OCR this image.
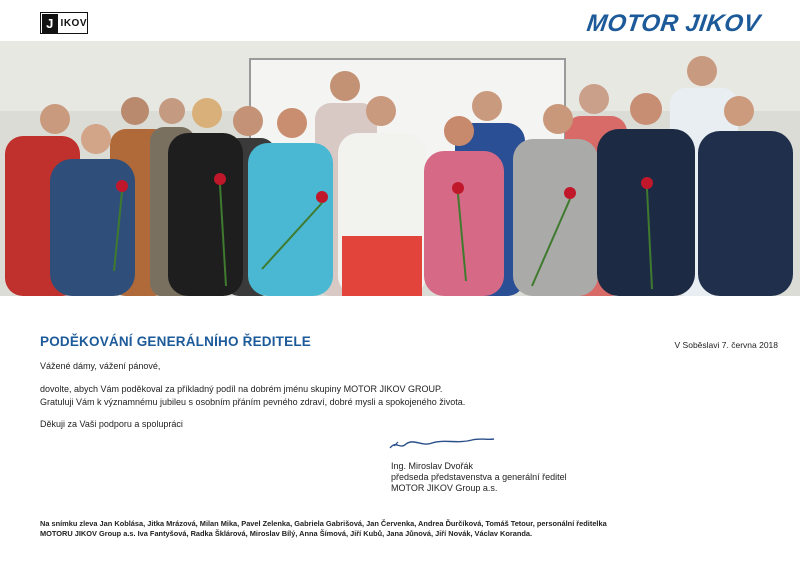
J IKOV	MOTOR JIKOV
PODĚKOVÁNÍ GENERÁLNÍHO ŘEDITELE	V Soběslavi 7. června 2018
Vážené dámy, vážení pánové,
dovolte, abych Vám poděkoval za příkladný podíl na dobrém jménu skupiny MOTOR JIKOV GROUP.
Gratuluji Vám k významnému jubileu s osobním přáním pevného zdraví, dobré mysli a spokojeného života.
Děkuji za Vaši podporu a spolupráci
Ing. Miroslav Dvořák
předseda představenstva a generální ředitel
MOTOR JIKOV Group a.s.
Na snímku zleva Jan Koblása, Jitka Mrázová, Milan Mika, Pavel Zelenka, Gabriela Gabrišová, Jan Červenka, Andrea Ďurčíková, Tomáš Tetour, personální ředitelka
MOTORU JIKOV Group a.s. Iva Fantyšová, Radka Šklárová, Miroslav Bílý, Anna Šímová, Jiří Kubů, Jana Jůnová, Jiří Novák, Václav Koranda.
